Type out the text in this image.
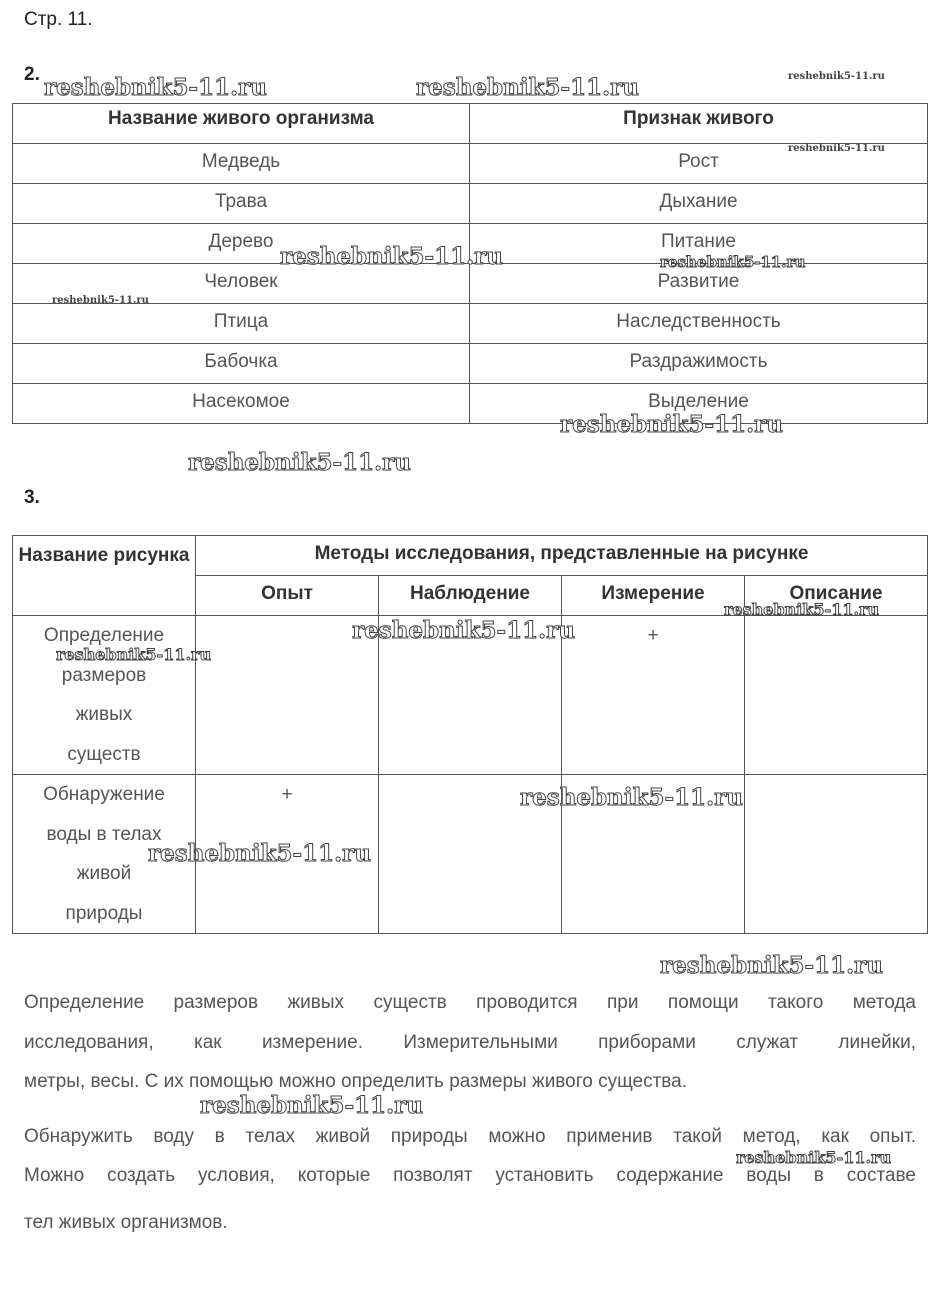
Стр. 11.
2.
Название живого организма	Признак живого
Медведь	Рост
Трава	Дыхание
Дерево	Питание
Человек	Развитие
Птица	Наследственность
Бабочка	Раздражимость
Насекомое	Выделение
3.
Название рисунка	Методы исследования, представленные на рисунке			
	Опыт	Наблюдение	Измерение	Описание

Определение
размеров
живых
существ			+	

Обнаружение
воды в телах
живой
природы	+			
Определение размеров живых существ проводится при помощи такого метода
исследования, как измерение. Измерительными приборами служат линейки,
метры, весы. С их помощью можно определить размеры живого существа.
Обнаружить воду в телах живой природы можно применив такой метод, как опыт.
Можно создать условия, которые позволят установить содержание воды в составе
тел живых организмов.
reshebnik5-11.ru	reshebnik5-11.ru	reshebnik5-11.ru
reshebnik5-11.ru
reshebnik5-11.ru	reshebnik5-11.ru
reshebnik5-11.ru
reshebnik5-11.ru
reshebnik5-11.ru
reshebnik5-11.ru
reshebnik5-11.ru
reshebnik5-11.ru
reshebnik5-11.ru
reshebnik5-11.ru
reshebnik5-11.ru
reshebnik5-11.ru
reshebnik5-11.ru
